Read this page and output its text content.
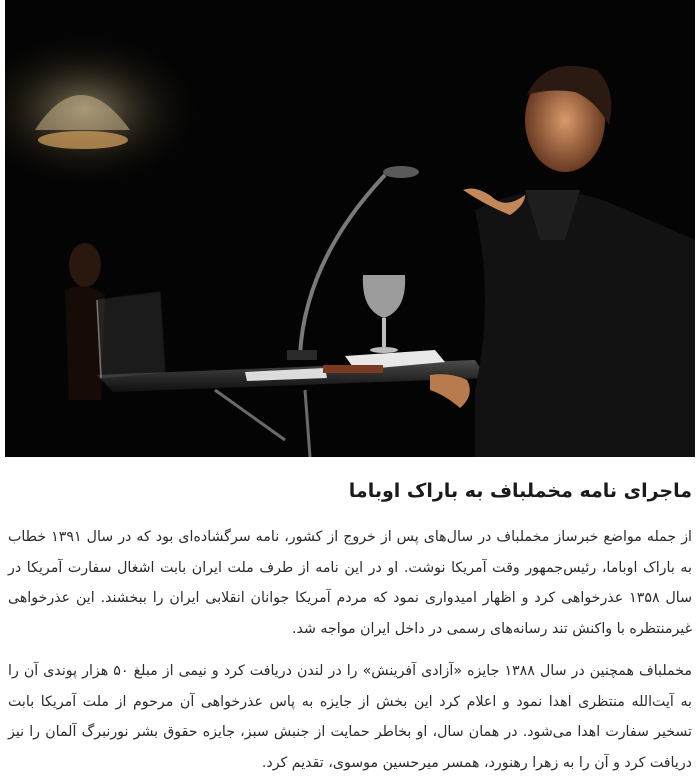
ماجرای نامه مخملباف به باراک اوباما

از جمله مواضع خبرساز مخملباف در سال‌های پس از خروج از کشور، نامه سرگشاده‌ای بود که در سال ۱۳۹۱ خطاب به باراک اوباما، رئیس‌جمهور وقت آمریکا نوشت. او در این نامه از طرف ملت ایران بابت اشغال سفارت آمریکا در سال ۱۳۵۸ عذرخواهی کرد و اظهار امیدواری نمود که مردم آمریکا جوانان انقلابی ایران را ببخشند. این عذرخواهی غیرمنتظره با واکنش تند رسانه‌های رسمی در داخل ایران مواجه شد.

مخملباف همچنین در سال ۱۳۸۸ جایزه «آزادی آفرینش» را در لندن دریافت کرد و نیمی از مبلغ ۵۰ هزار پوندی آن را به آیت‌الله منتظری اهدا نمود و اعلام کرد این بخش از جایزه به پاس عذرخواهی آن مرحوم از ملت آمریکا بابت تسخیر سفارت اهدا می‌شود. در همان سال، او بخاطر حمایت از جنبش سبز، جایزه حقوق بشر نورنبرگ آلمان را نیز دریافت کرد و آن را به زهرا رهنورد، همسر میرحسین موسوی، تقدیم کرد.
